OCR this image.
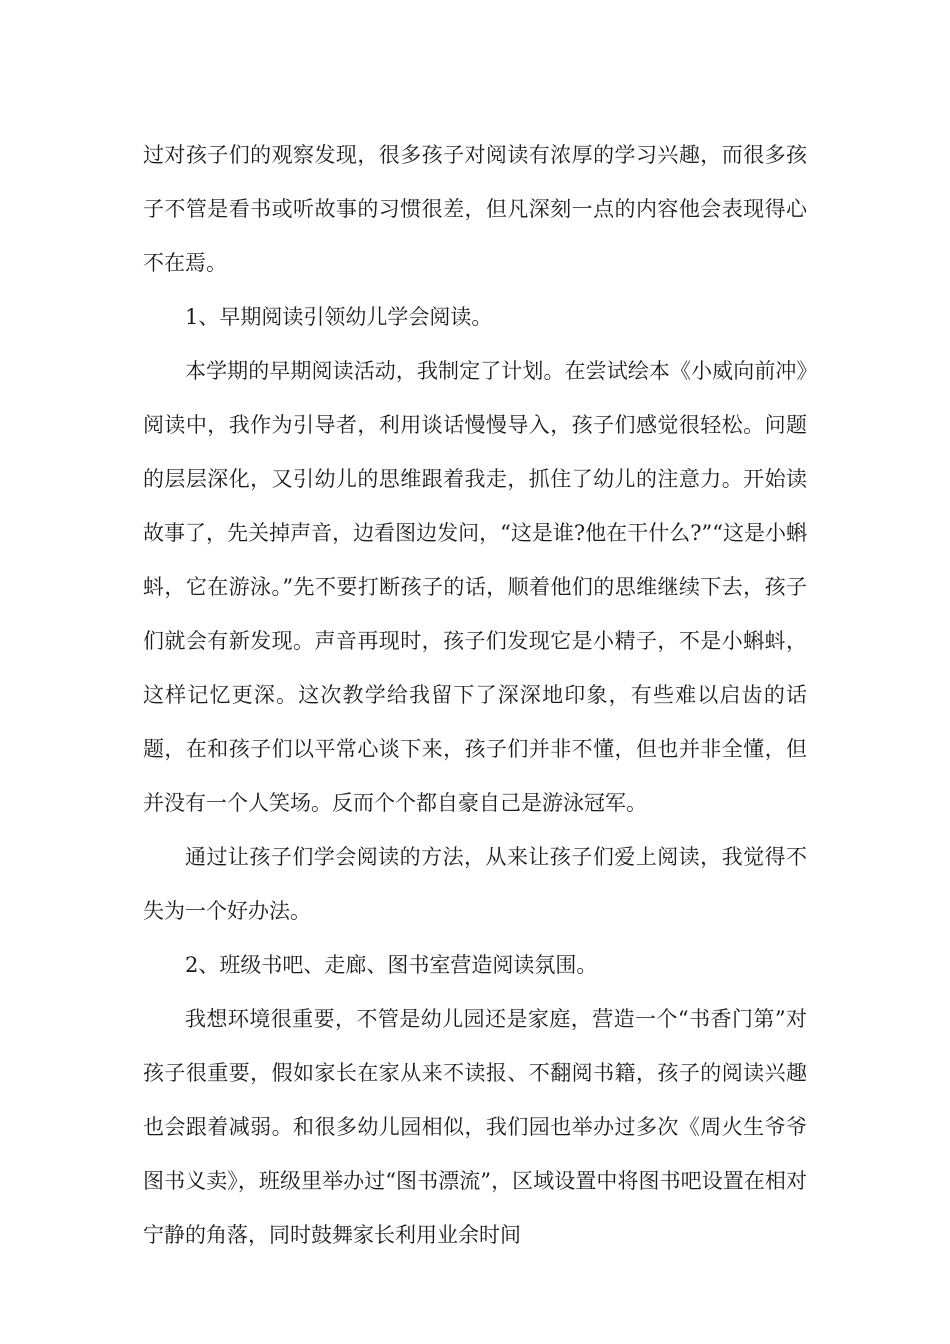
过对孩子们的观察发现，很多孩子对阅读有浓厚的学习兴趣，而很多孩子不管是看书或听故事的习惯很差，但凡深刻一点的内容他会表现得心不在焉。

1、早期阅读引领幼儿学会阅读。

本学期的早期阅读活动，我制定了计划。在尝试绘本《小威向前冲》阅读中，我作为引导者，利用谈话慢慢导入，孩子们感觉很轻松。问题的层层深化，又引幼儿的思维跟着我走，抓住了幼儿的注意力。开始读故事了，先关掉声音，边看图边发问，“这是谁?他在干什么?”“这是小蝌蚪，它在游泳。”先不要打断孩子的话，顺着他们的思维继续下去，孩子们就会有新发现。声音再现时，孩子们发现它是小精子，不是小蝌蚪，这样记忆更深。这次教学给我留下了深深地印象，有些难以启齿的话题，在和孩子们以平常心谈下来，孩子们并非不懂，但也并非全懂，但并没有一个人笑场。反而个个都自豪自己是游泳冠军。

通过让孩子们学会阅读的方法，从来让孩子们爱上阅读，我觉得不失为一个好办法。

2、班级书吧、走廊、图书室营造阅读氛围。

我想环境很重要，不管是幼儿园还是家庭，营造一个“书香门第”对孩子很重要，假如家长在家从来不读报、不翻阅书籍，孩子的阅读兴趣也会跟着减弱。和很多幼儿园相似，我们园也举办过多次《周火生爷爷图书义卖》，班级里举办过“图书漂流”，区域设置中将图书吧设置在相对宁静的角落，同时鼓舞家长利用业余时间
